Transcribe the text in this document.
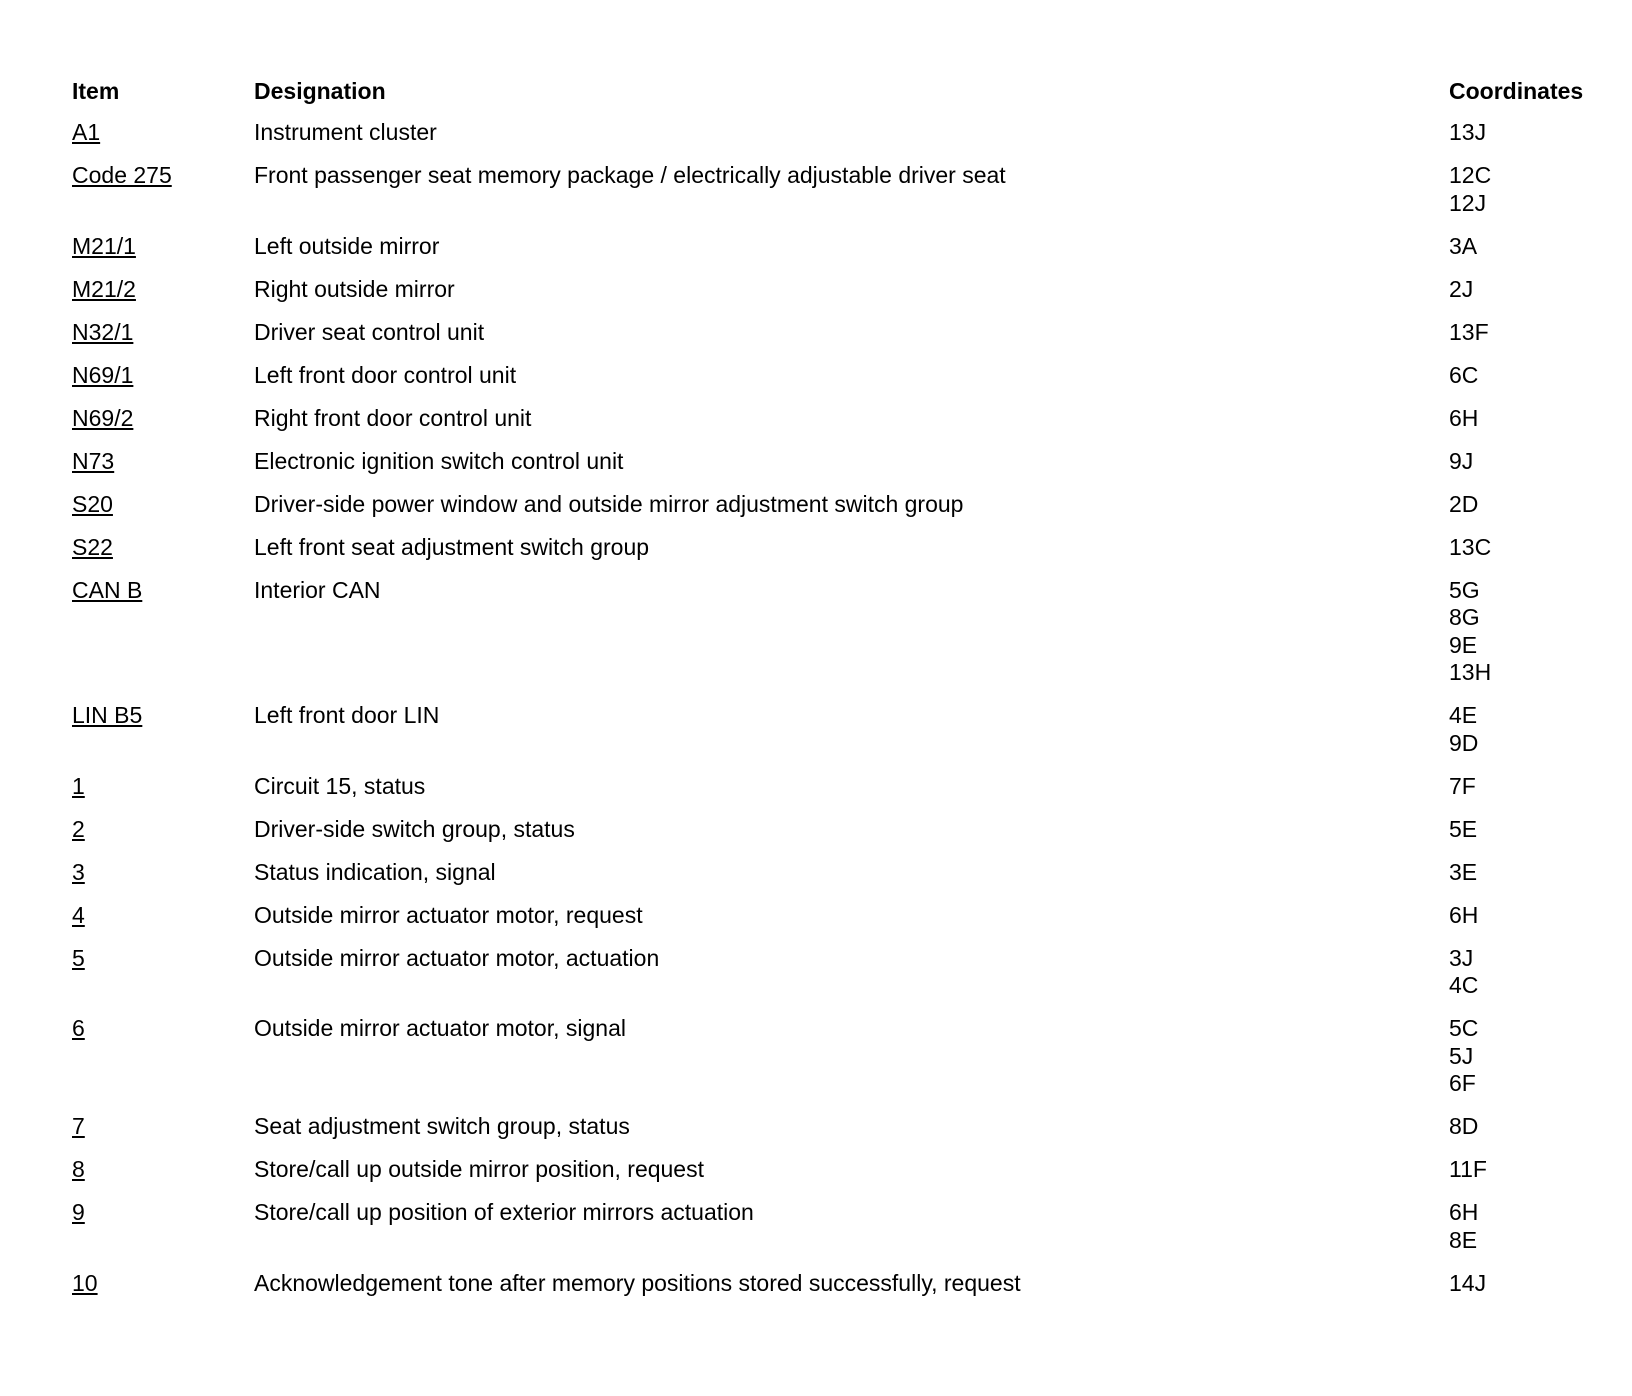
Item	Designation	Coordinates
A1	Instrument cluster	13J
Code 275	Front passenger seat memory package / electrically adjustable driver seat	12C
12J
M21/1	Left outside mirror	3A
M21/2	Right outside mirror	2J
N32/1	Driver seat control unit	13F
N69/1	Left front door control unit	6C
N69/2	Right front door control unit	6H
N73	Electronic ignition switch control unit	9J
S20	Driver-side power window and outside mirror adjustment switch group	2D
S22	Left front seat adjustment switch group	13C
CAN B	Interior CAN	5G
8G
9E
13H
LIN B5	Left front door LIN	4E
9D
1	Circuit 15, status	7F
2	Driver-side switch group, status	5E
3	Status indication, signal	3E
4	Outside mirror actuator motor, request	6H
5	Outside mirror actuator motor, actuation	3J
4C
6	Outside mirror actuator motor, signal	5C
5J
6F
7	Seat adjustment switch group, status	8D
8	Store/call up outside mirror position, request	11F
9	Store/call up position of exterior mirrors actuation	6H
8E
10	Acknowledgement tone after memory positions stored successfully, request	14J
